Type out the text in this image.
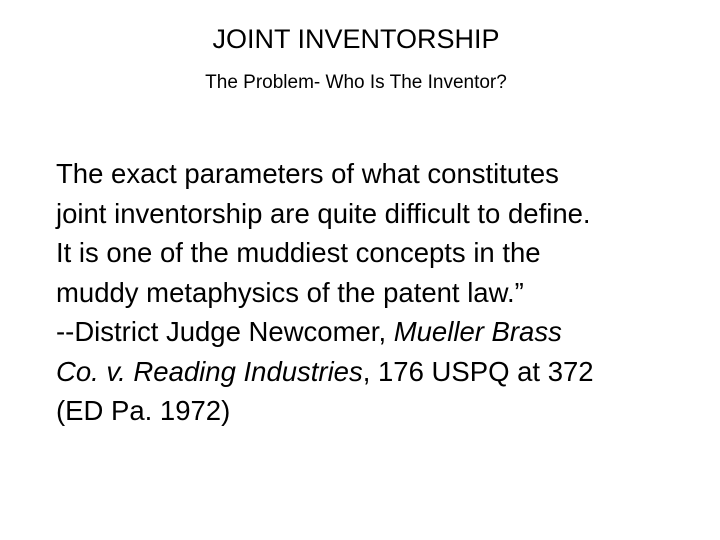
JOINT INVENTORSHIP

The Problem- Who Is The Inventor?

The exact parameters of what constitutes
joint inventorship are quite difficult to define.
It is one of the muddiest concepts in the
muddy metaphysics of the patent law.”
--District Judge Newcomer, Mueller Brass
Co. v. Reading Industries, 176 USPQ at 372
(ED Pa. 1972)
